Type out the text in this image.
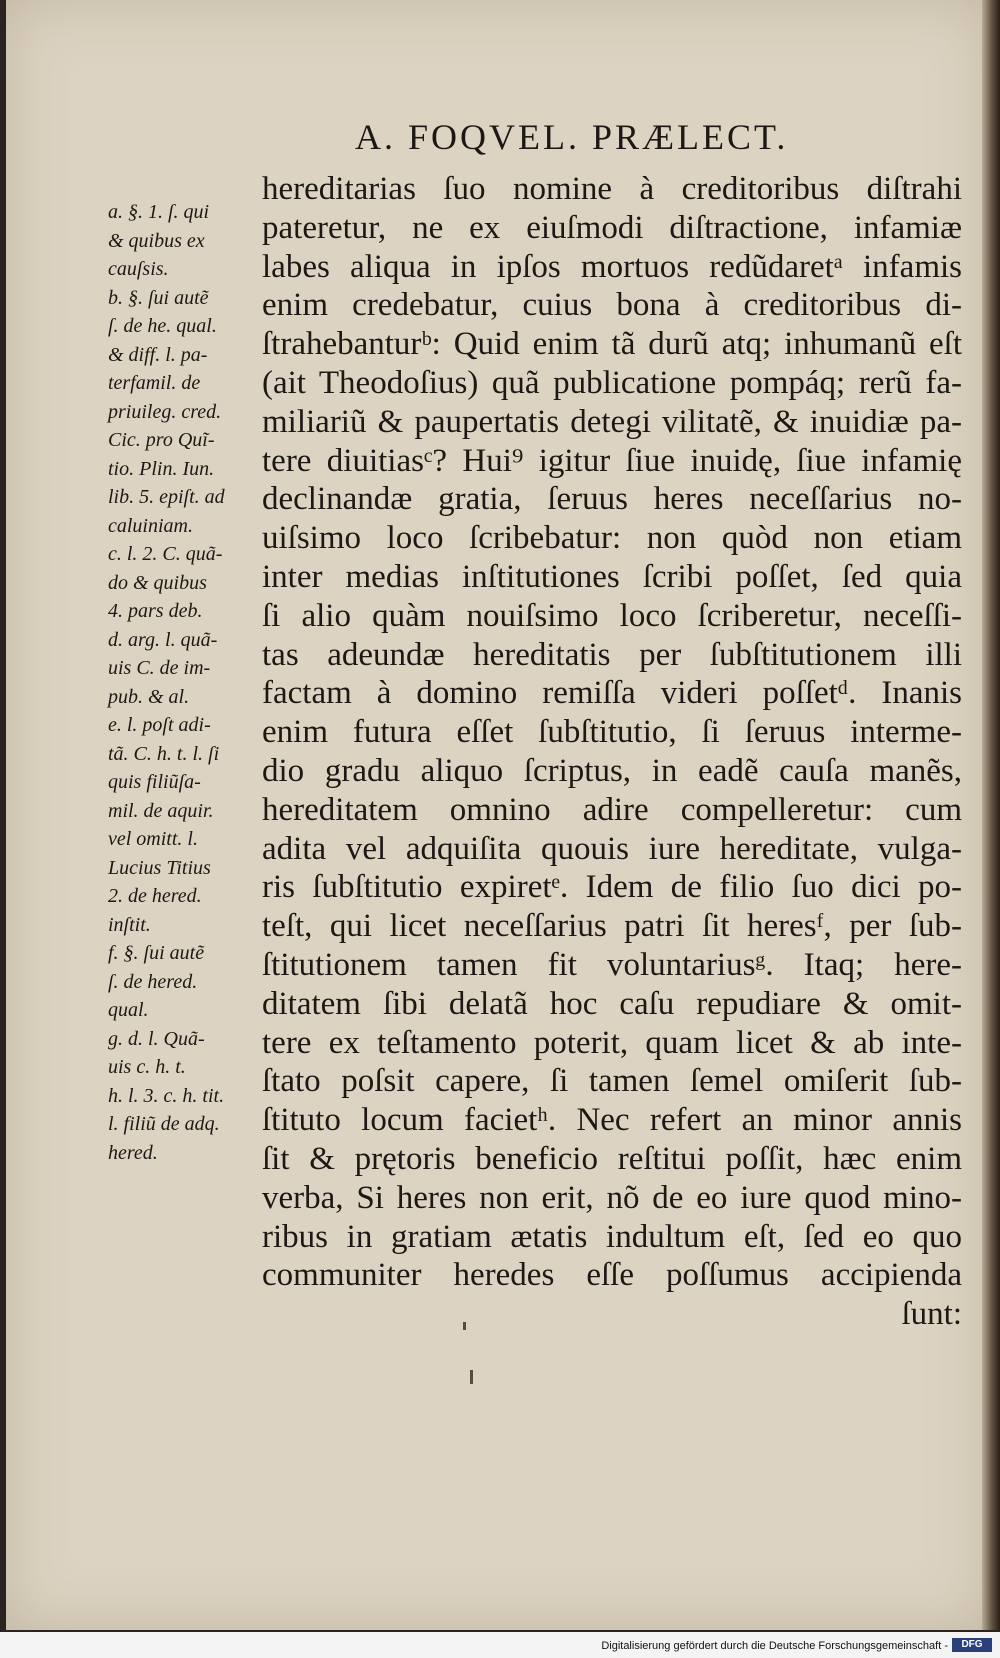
A. FOQVEL. PRÆLECT.
a. §. 1. ſ. qui
& quibus ex
cauſsis.
b. §. ſui autẽ
ſ. de he. qual.
& diff. l. pa-
terfamil. de
priuileg. cred.
Cic. pro Quĩ-
tio. Plin. Iun.
lib. 5. epiſt. ad
caluiniam.
c. l. 2. C. quã-
do & quibus
4. pars deb.
d. arg. l. quã-
uis C. de im-
pub. & al.
e. l. poſt adi-
tã. C. h. t. l. ſi
quis filiũſa-
mil. de aquir.
vel omitt. l.
Lucius Titius
2. de hered.
inſtit.
f. §. ſui autẽ
ſ. de hered.
qual.
g. d. l. Quã-
uis c. h. t.
h. l. 3. c. h. tit.
l. filiũ de adq.
hered.
hereditarias ſuo nomine à creditoribus diſtrahi
pateretur, ne ex eiuſmodi diſtractione, infamiæ
labes aliqua in ipſos mortuos redũdaretᵃ infamis
enim credebatur, cuius bona à creditoribus di-
ſtrahebanturᵇ: Quid enim tã durũ atq; inhumanũ eſt
(ait Theodoſius) quã publicatione pompáq; rerũ fa-
miliariũ & paupertatis detegi vilitatẽ, & inuidiæ pa-
tere diuitiasᶜ? Hui⁹ igitur ſiue inuidę, ſiue infamię
declinandæ gratia, ſeruus heres neceſſarius no-
uiſsimo loco ſcribebatur: non quòd non etiam
inter medias inſtitutiones ſcribi poſſet, ſed quia
ſi alio quàm nouiſsimo loco ſcriberetur, neceſſi-
tas adeundæ hereditatis per ſubſtitutionem illi
factam à domino remiſſa videri poſſetᵈ. Inanis
enim futura eſſet ſubſtitutio, ſi ſeruus interme-
dio gradu aliquo ſcriptus, in eadẽ cauſa manẽs,
hereditatem omnino adire compelleretur: cum
adita vel adquiſita quouis iure hereditate, vulga-
ris ſubſtitutio expiretᵉ. Idem de filio ſuo dici po-
teſt, qui licet neceſſarius patri ſit heresᶠ, per ſub-
ſtitutionem tamen fit voluntariusᵍ. Itaq; here-
ditatem ſibi delatã hoc caſu repudiare & omit-
tere ex teſtamento poterit, quam licet & ab inte-
ſtato poſsit capere, ſi tamen ſemel omiſerit ſub-
ſtituto locum facietʰ. Nec refert an minor annis
ſit & prętoris beneficio reſtitui poſſit, hæc enim
verba, Si heres non erit, nõ de eo iure quod mino-
ribus in gratiam ætatis indultum eſt, ſed eo quo
communiter heredes eſſe poſſumus accipienda
ſunt:
Digitalisierung gefördert durch die Deutsche Forschungsgemeinschaft -	DFG
